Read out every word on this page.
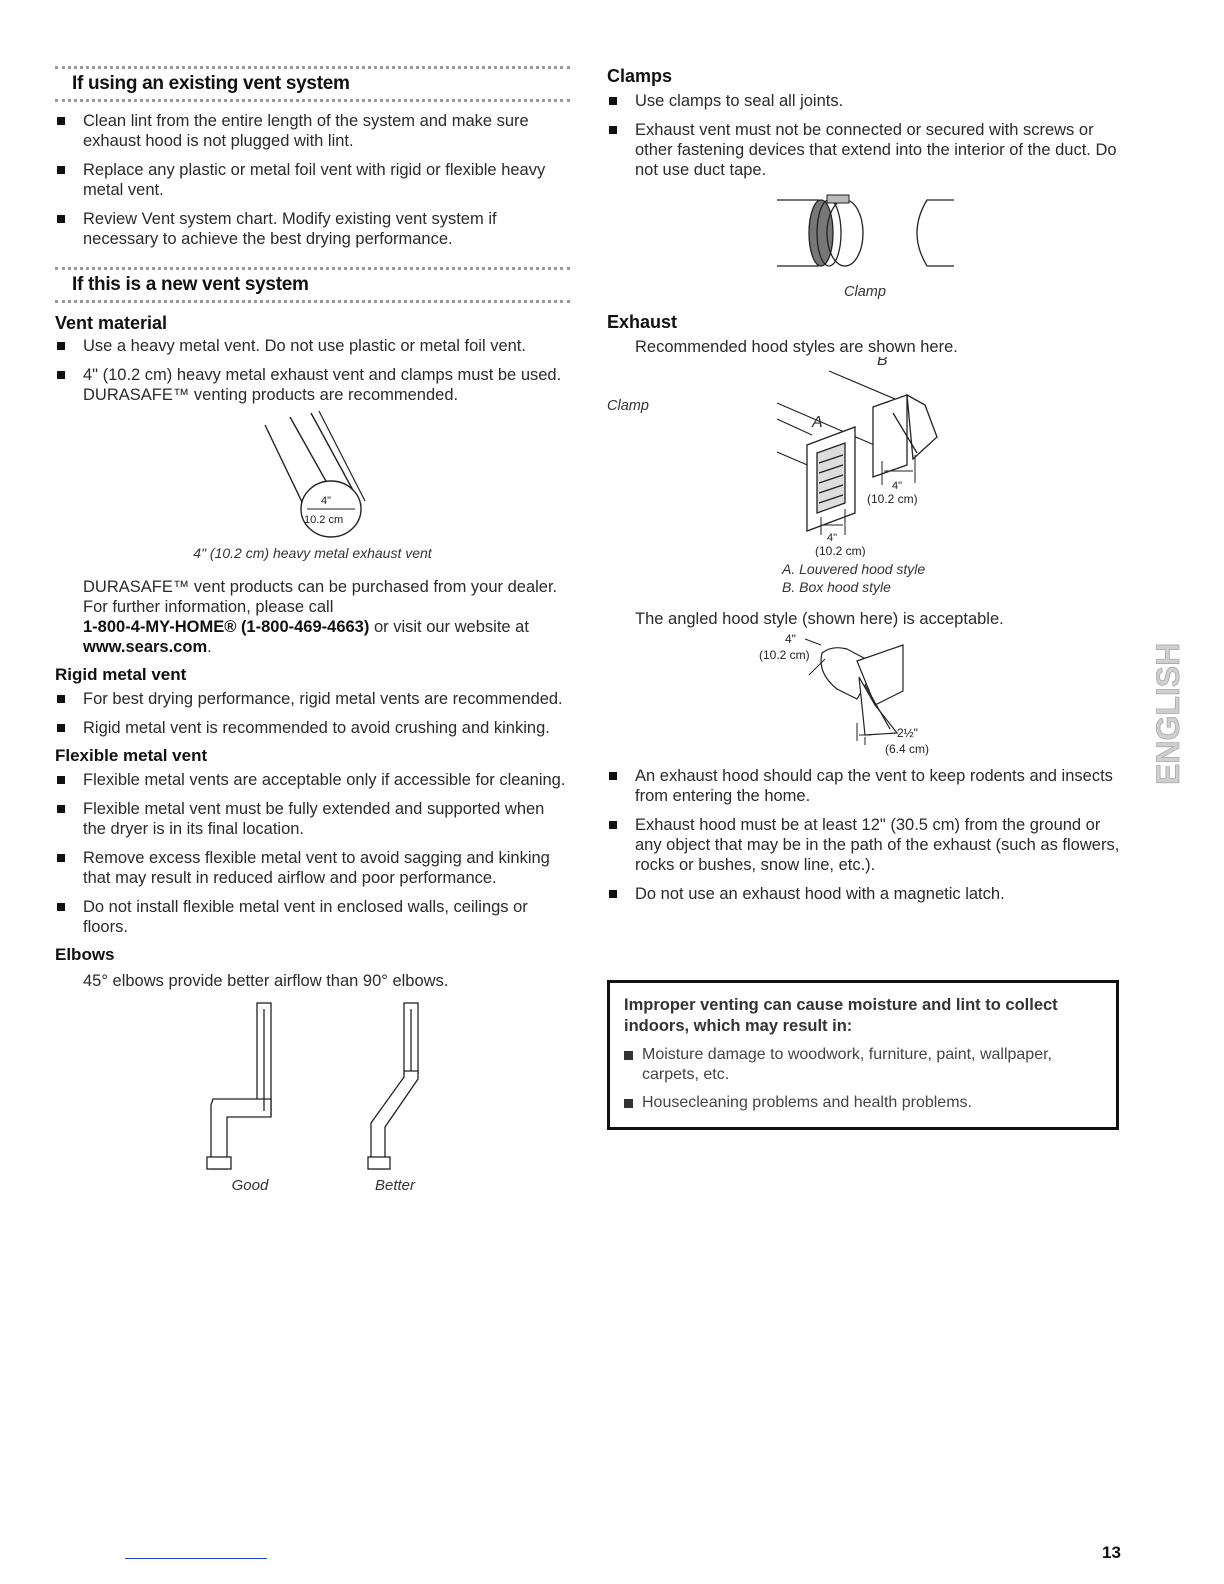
If using an existing vent system
Clean lint from the entire length of the system and make sure exhaust hood is not plugged with lint.
Replace any plastic or metal foil vent with rigid or flexible heavy metal vent.
Review Vent system chart. Modify existing vent system if necessary to achieve the best drying performance.
If this is a new vent system
Vent material
Use a heavy metal vent. Do not use plastic or metal foil vent.
4" (10.2 cm) heavy metal exhaust vent and clamps must be used. DURASAFE™ venting products are recommended.
4"
10.2 cm
4" (10.2 cm) heavy metal exhaust vent
DURASAFE™ vent products can be purchased from your dealer. For further information, please call
1-800-4-MY-HOME® (1-800-469-4663) or visit our website at
www.sears.com.
Rigid metal vent
For best drying performance, rigid metal vents are recommended.
Rigid metal vent is recommended to avoid crushing and kinking.
Flexible metal vent
Flexible metal vents are acceptable only if accessible for cleaning.
Flexible metal vent must be fully extended and supported when the dryer is in its final location.
Remove excess flexible metal vent to avoid sagging and kinking that may result in reduced airflow and poor performance.
Do not install flexible metal vent in enclosed walls, ceilings or floors.
Elbows
45° elbows provide better airflow than 90° elbows.
Good	Better
Clamps
Use clamps to seal all joints.
Exhaust vent must not be connected or secured with screws or other fastening devices that extend into the interior of the duct. Do not use duct tape.
Clamp
Clamp
Exhaust
Recommended hood styles are shown here.
B
A
4"
(10.2 cm)
4"
(10.2 cm)
A. Louvered hood style
B. Box hood style
The angled hood style (shown here) is acceptable.
4"
(10.2 cm)
2½"
(6.4 cm)
An exhaust hood should cap the vent to keep rodents and insects from entering the home.
Exhaust hood must be at least 12" (30.5 cm) from the ground or any object that may be in the path of the exhaust (such as flowers, rocks or bushes, snow line, etc.).
Do not use an exhaust hood with a magnetic latch.
Improper venting can cause moisture and lint to collect indoors, which may result in:
Moisture damage to woodwork, furniture, paint, wallpaper, carpets, etc.
Housecleaning problems and health problems.
ENGLISH
13
